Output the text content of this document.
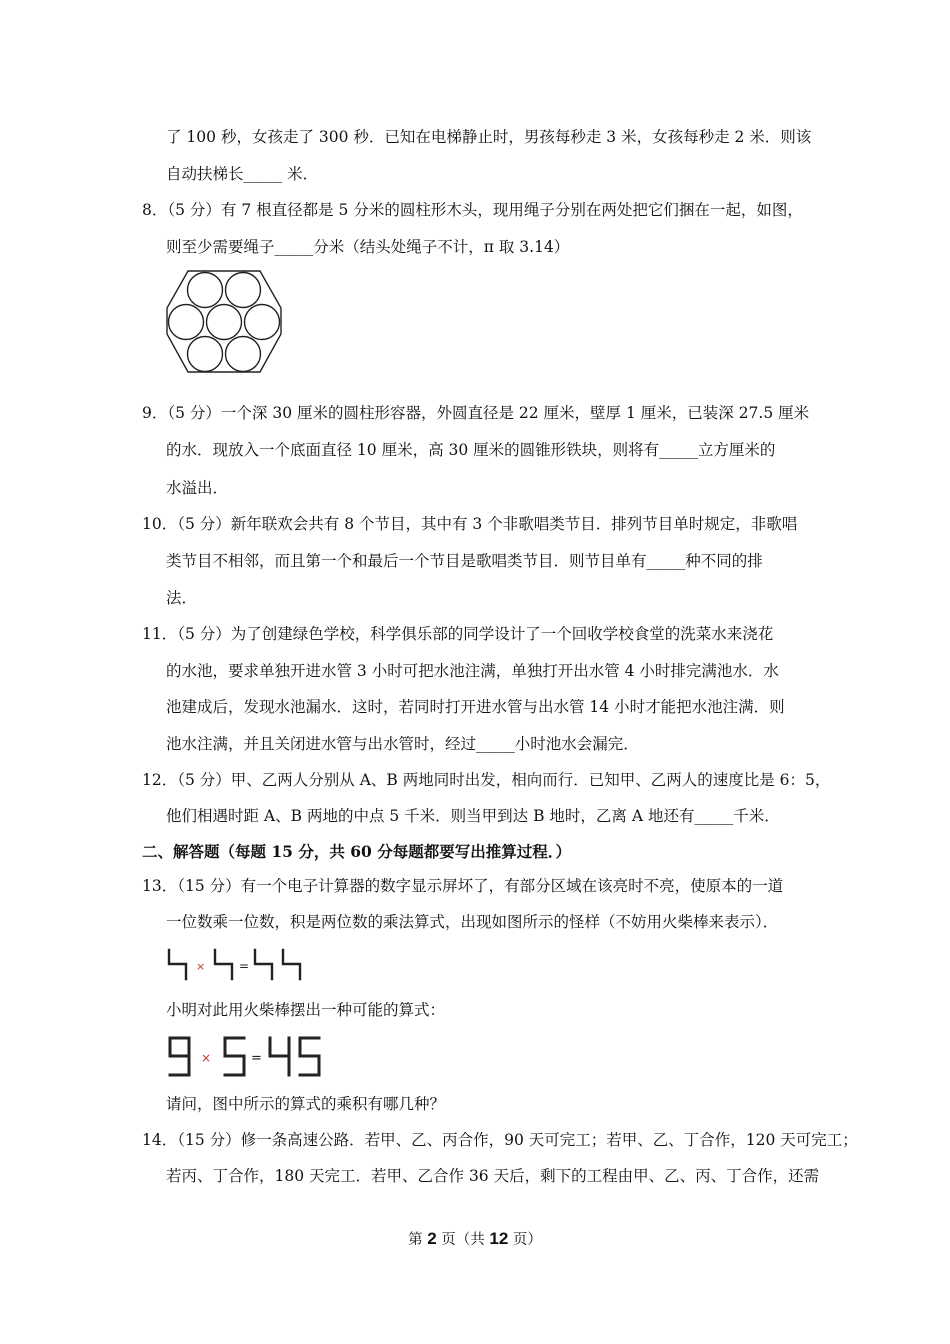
了 100 秒，女孩走了 300 秒．已知在电梯静止时，男孩每秒走 3 米，女孩每秒走 2 米．则该
自动扶梯长_____ 米．
8．（5 分）有 7 根直径都是 5 分米的圆柱形木头，现用绳子分别在两处把它们捆在一起，如图，
则至少需要绳子_____分米（结头处绳子不计，π 取 3.14）
9．（5 分）一个深 30 厘米的圆柱形容器，外圆直径是 22 厘米，壁厚 1 厘米，已装深 27.5 厘米
的水．现放入一个底面直径 10 厘米，高 30 厘米的圆锥形铁块，则将有_____立方厘米的
水溢出．
10．（5 分）新年联欢会共有 8 个节目，其中有 3 个非歌唱类节目．排列节目单时规定，非歌唱
类节目不相邻，而且第一个和最后一个节目是歌唱类节目．则节目单有_____种不同的排
法．
11．（5 分）为了创建绿色学校，科学俱乐部的同学设计了一个回收学校食堂的洗菜水来浇花
的水池，要求单独开进水管 3 小时可把水池注满，单独打开出水管 4 小时排完满池水．水
池建成后，发现水池漏水．这时，若同时打开进水管与出水管 14 小时才能把水池注满．则
池水注满，并且关闭进水管与出水管时，经过_____小时池水会漏完．
12．（5 分）甲、乙两人分别从 A、B 两地同时出发，相向而行．已知甲、乙两人的速度比是 6：5，
他们相遇时距 A、B 两地的中点 5 千米．则当甲到达 B 地时，乙离 A 地还有_____千米．
二、解答题（每题 15 分，共 60 分每题都要写出推算过程．）
13．（15 分）有一个电子计算器的数字显示屏坏了，有部分区域在该亮时不亮，使原本的一道
一位数乘一位数，积是两位数的乘法算式，出现如图所示的怪样（不妨用火柴棒来表示）．
×	=
小明对此用火柴棒摆出一种可能的算式：
×	=
请问，图中所示的算式的乘积有哪几种？
14．（15 分）修一条高速公路．若甲、乙、丙合作，90 天可完工；若甲、乙、丁合作，120 天可完工；
若丙、丁合作，180 天完工．若甲、乙合作 36 天后，剩下的工程由甲、乙、丙、丁合作，还需
第 2 页（共 12 页）
